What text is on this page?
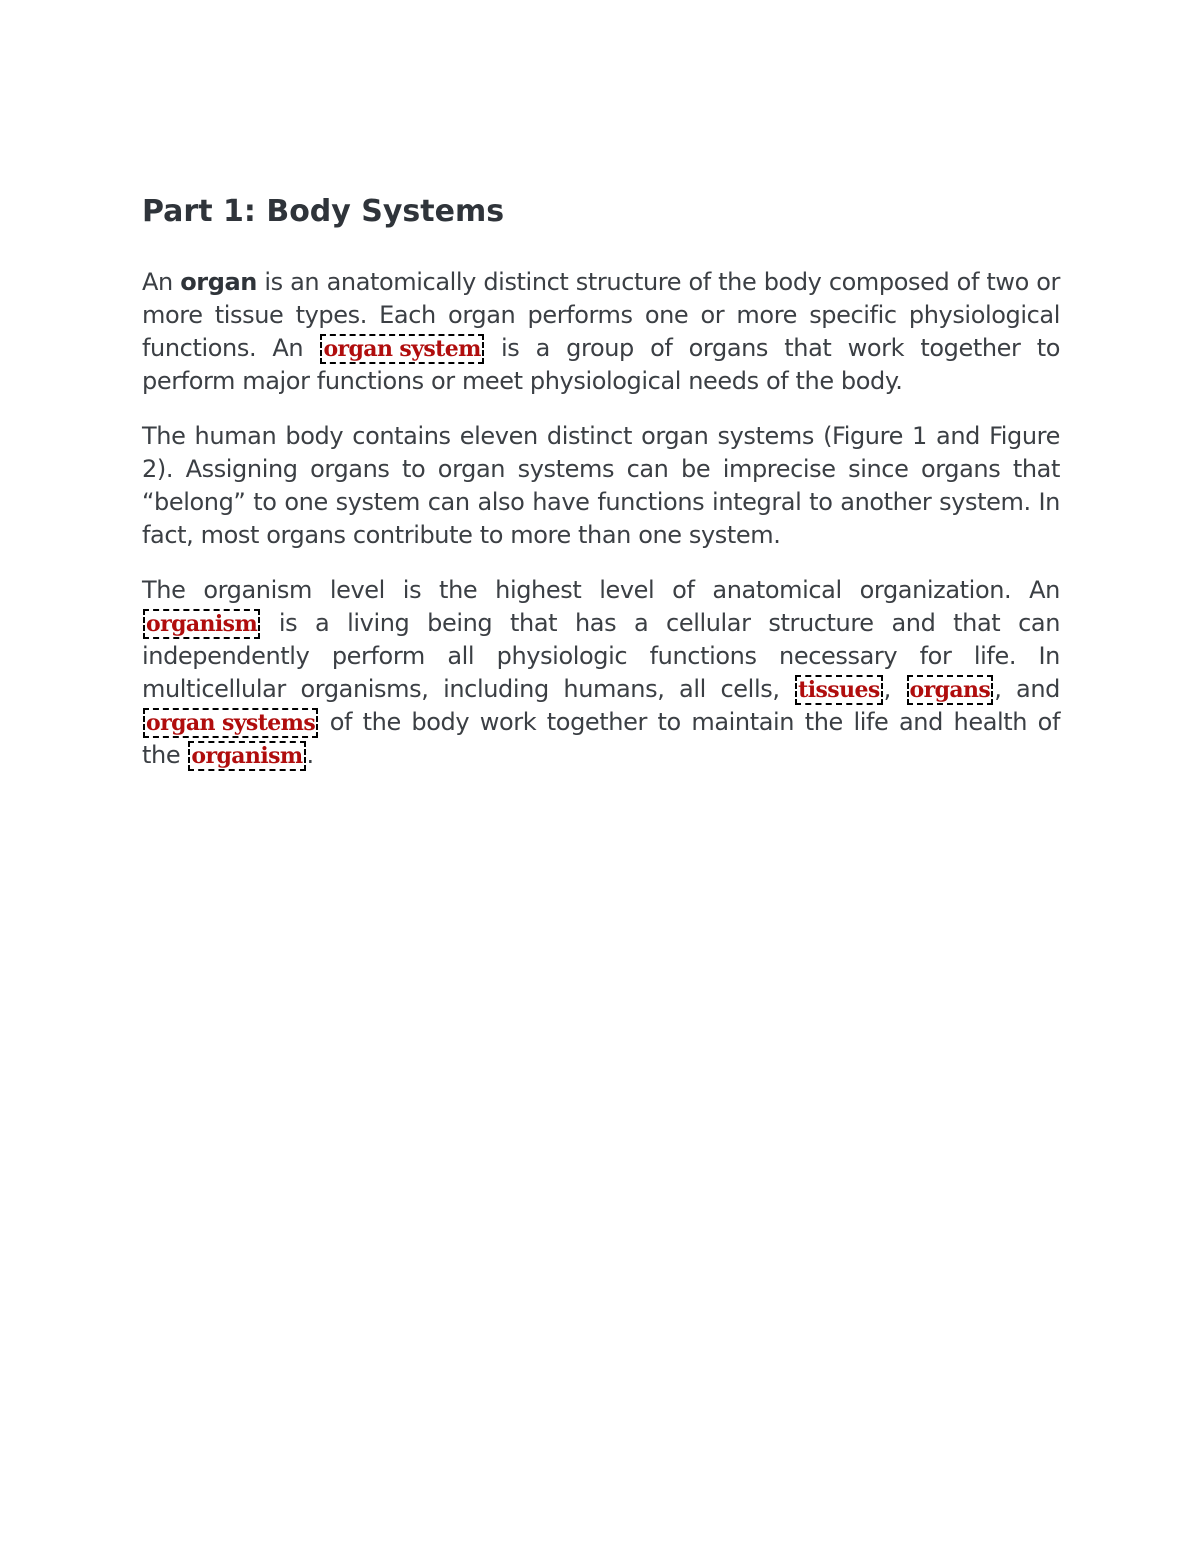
Part 1: Body Systems

An organ is an anatomically distinct structure of the body composed of two or more tissue types. Each organ performs one or more specific physiological functions. An organ system is a group of organs that work together to perform major functions or meet physiological needs of the body.

The human body contains eleven distinct organ systems (Figure 1 and Figure 2). Assigning organs to organ systems can be imprecise since organs that “belong” to one system can also have functions integral to another system. In fact, most organs contribute to more than one system.

The organism level is the highest level of anatomical organization. An organism is a living being that has a cellular structure and that can independently perform all physiologic functions necessary for life. In multicellular organisms, including humans, all cells, tissues , organs , and organ systems of the body work together to maintain the life and health of the organism .
